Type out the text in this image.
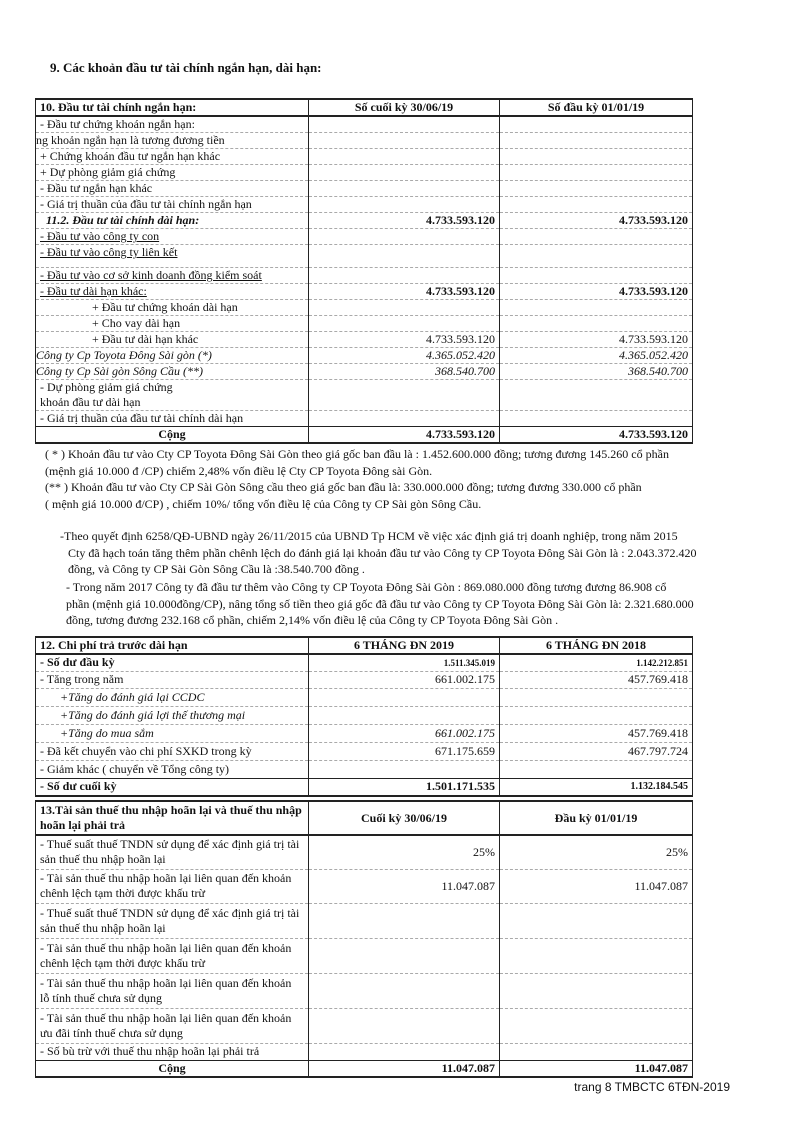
9. Các khoản đầu tư tài chính ngắn hạn, dài hạn:
10. Đầu tư tài chính ngắn hạn:	Số cuối kỳ 30/06/19	Số đầu kỳ 01/01/19
- Đầu tư chứng khoán ngắn hạn:		
ng khoản ngắn hạn là tương đương tiền		
+ Chứng khoán đầu tư ngắn hạn khác		
+ Dự phòng giảm giá chứng		
- Đầu tư ngắn hạn khác		
- Giá trị thuần của đầu tư tài chính ngắn hạn		
11.2. Đầu tư tài chính dài hạn:	4.733.593.120	4.733.593.120
- Đầu tư vào công ty con		
- Đầu tư vào công ty liên kết		
- Đầu tư vào cơ sở kinh doanh đồng kiểm soát		
- Đầu tư dài hạn khác:	4.733.593.120	4.733.593.120
+ Đầu tư chứng khoán dài hạn		
+ Cho vay dài hạn		
+ Đầu tư dài hạn khác	4.733.593.120	4.733.593.120
Công ty Cp Toyota Đông Sài gòn (*)	4.365.052.420	4.365.052.420
Công ty Cp Sài gòn Sông Cầu (**)	368.540.700	368.540.700

- Dự phòng giảm giá chứng
khoản đầu tư dài hạn		

- Giá trị thuần của đầu tư tài chính dài hạn		
Cộng	4.733.593.120	4.733.593.120
( * ) Khoản đầu tư vào Cty CP Toyota Đông Sài Gòn theo giá gốc ban đầu là : 1.452.600.000 đồng; tương đương 145.260 cổ phần
(mệnh giá 10.000 đ /CP) chiếm 2,48% vốn điều lệ Cty CP Toyota Đông sài Gòn.
(** ) Khoản đầu tư vào Cty CP Sài Gòn Sông cầu theo giá gốc ban đầu là: 330.000.000 đồng; tương đương 330.000 cổ phần
( mệnh giá 10.000 đ/CP) , chiếm 10%/ tổng vốn điều lệ của Công ty CP Sài gòn Sông Cầu.
-Theo quyết định 6258/QĐ-UBND ngày 26/11/2015 của UBND Tp HCM về việc xác định giá trị doanh nghiệp, trong năm 2015
Cty đã hạch toán tăng thêm phần chênh lệch do đánh giá lại khoản đầu tư vào Công ty CP Toyota Đông Sài Gòn là : 2.043.372.420
đồng, và Công ty CP Sài Gòn Sông Cầu là :38.540.700 đồng .
- Trong năm 2017 Công ty đã đầu tư thêm vào Công ty CP Toyota Đông Sài Gòn : 869.080.000 đồng tương đương 86.908 cổ
phần (mệnh giá 10.000đồng/CP), nâng tổng số tiền theo giá gốc đã đầu tư vào Công ty CP Toyota Đông Sài Gòn là: 2.321.680.000
đồng, tương đương 232.168 cổ phần, chiếm 2,14% vốn điều lệ của Công ty CP Toyota Đông Sài Gòn .
12. Chi phí trả trước dài hạn	6 THÁNG ĐN 2019	6 THÁNG ĐN 2018
- Số dư đầu kỳ	1.511.345.019	1.142.212.851
- Tăng trong năm	661.002.175	457.769.418
+Tăng do đánh giá lại CCDC		
+Tăng do đánh giá lợi thế thương mại		
+Tăng do mua sắm	661.002.175	457.769.418
- Đã kết chuyển vào chi phí SXKD trong kỳ	671.175.659	467.797.724
- Giảm khác ( chuyển về Tổng công ty)		
- Số dư cuối kỳ	1.501.171.535	1.132.184.545
13.Tài sản thuế thu nhập hoãn lại và thuế thu nhập
hoãn lại phải trả	Cuối kỳ 30/06/19	Đầu kỳ 01/01/19

- Thuế suất thuế TNDN sử dụng để xác định giá trị tài
sản thuế thu nhập hoãn lại	25%	25%

- Tài sản thuế thu nhập hoãn lại liên quan đến khoản
chênh lệch tạm thời được khấu trừ	11.047.087	11.047.087

- Thuế suất thuế TNDN sử dụng để xác định giá trị tài
sản thuế thu nhập hoãn lại		

- Tài sản thuế thu nhập hoãn lại liên quan đến khoản
chênh lệch tạm thời được khấu trừ		

- Tài sản thuế thu nhập hoãn lại liên quan đến khoản
lỗ tính thuế chưa sử dụng		

- Tài sản thuế thu nhập hoãn lại liên quan đến khoản
ưu đãi tính thuế chưa sử dụng		

- Số bù trừ với thuế thu nhập hoãn lại phải trả		
Cộng	11.047.087	11.047.087
trang 8 TMBCTC 6TĐN-2019
